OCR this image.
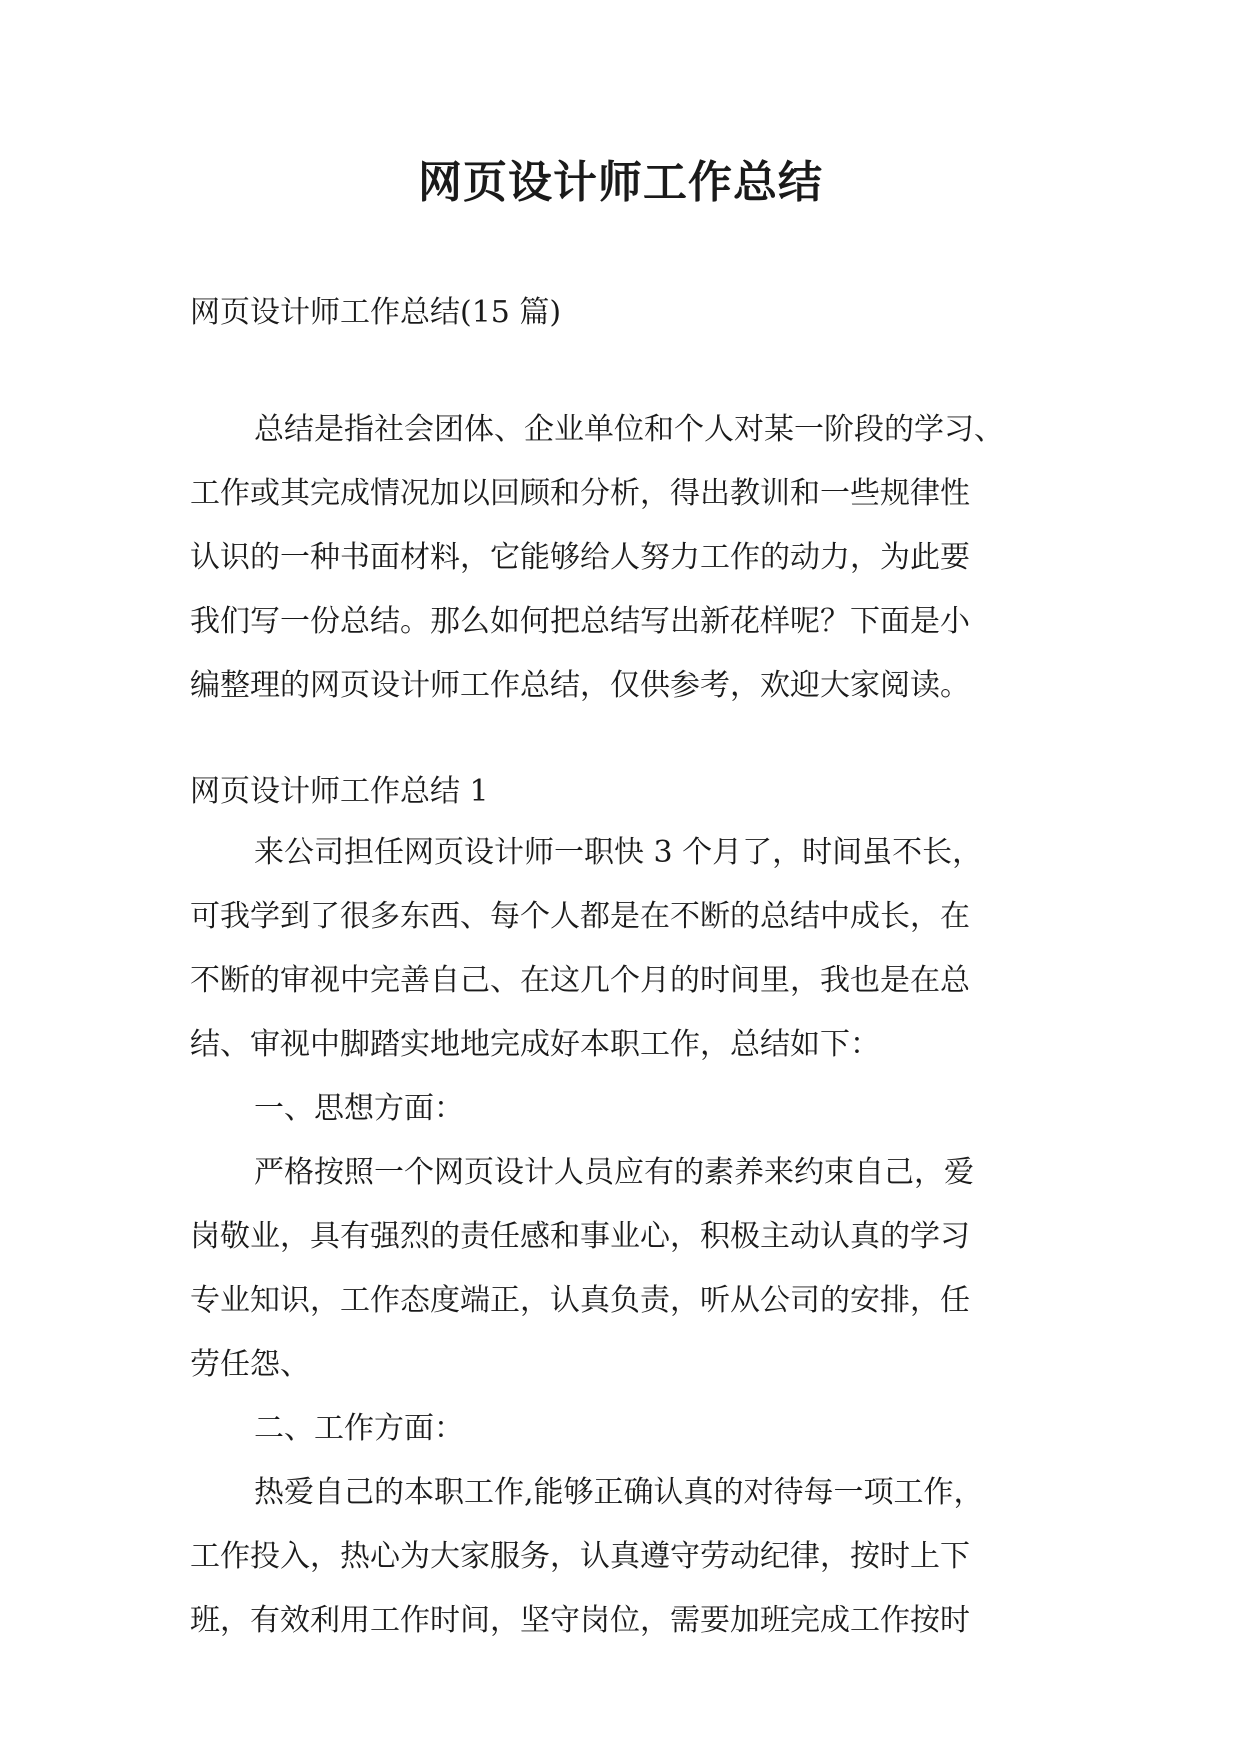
网页设计师工作总结
网页设计师工作总结(15 篇)
总结是指社会团体、企业单位和个人对某一阶段的学习、
工作或其完成情况加以回顾和分析，得出教训和一些规律性
认识的一种书面材料，它能够给人努力工作的动力，为此要
我们写一份总结。那么如何把总结写出新花样呢？下面是小
编整理的网页设计师工作总结，仅供参考，欢迎大家阅读。
网页设计师工作总结 1
来公司担任网页设计师一职快 3 个月了，时间虽不长，
可我学到了很多东西、每个人都是在不断的总结中成长，在
不断的审视中完善自己、在这几个月的时间里，我也是在总
结、审视中脚踏实地地完成好本职工作，总结如下：
一、思想方面：
严格按照一个网页设计人员应有的素养来约束自己，爱
岗敬业，具有强烈的责任感和事业心，积极主动认真的学习
专业知识，工作态度端正，认真负责，听从公司的安排，任
劳任怨、
二、工作方面：
热爱自己的本职工作,能够正确认真的对待每一项工作，
工作投入，热心为大家服务，认真遵守劳动纪律，按时上下
班，有效利用工作时间，坚守岗位，需要加班完成工作按时
